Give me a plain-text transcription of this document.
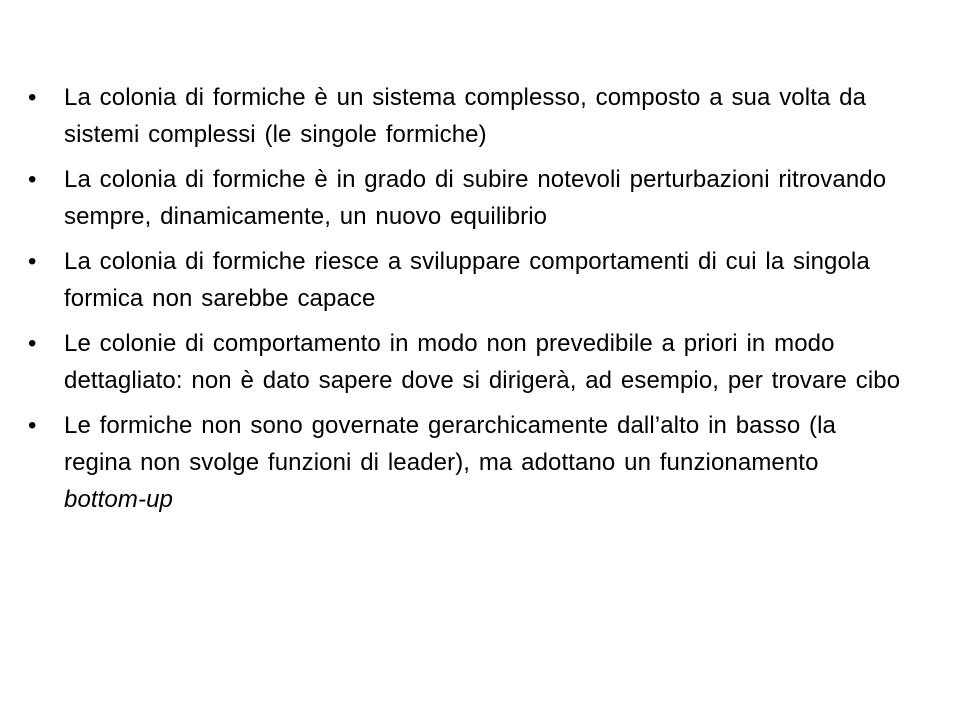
• La colonia di formiche è un sistema complesso, composto a sua volta da sistemi complessi (le singole formiche)
• La colonia di formiche è in grado di subire notevoli perturbazioni ritrovando sempre, dinamicamente, un nuovo equilibrio
• La colonia di formiche riesce a sviluppare comportamenti di cui la singola formica non sarebbe capace
• Le colonie di comportamento in modo non prevedibile a priori in modo dettagliato: non è dato sapere dove si dirigerà, ad esempio, per trovare cibo
• Le formiche non sono governate gerarchicamente dall’alto in basso (la regina non svolge funzioni di leader), ma adottano un funzionamento bottom-up
